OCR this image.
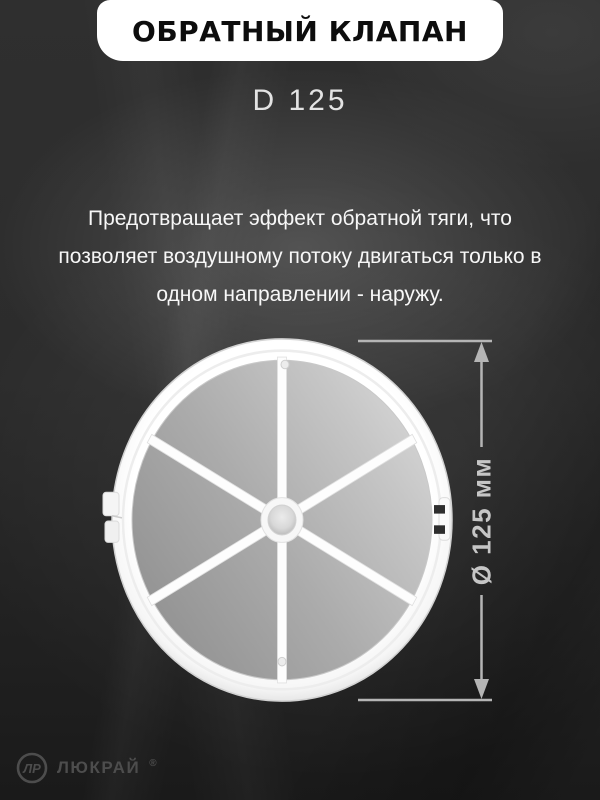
ОБРАТНЫЙ КЛАПАН
D 125

Предотвращает эффект обратной тяги, что
позволяет воздушному потоку двигаться только в
одном направлении - наружу.

Ø 125 мм
ЛР ЛЮКРАЙ ®
